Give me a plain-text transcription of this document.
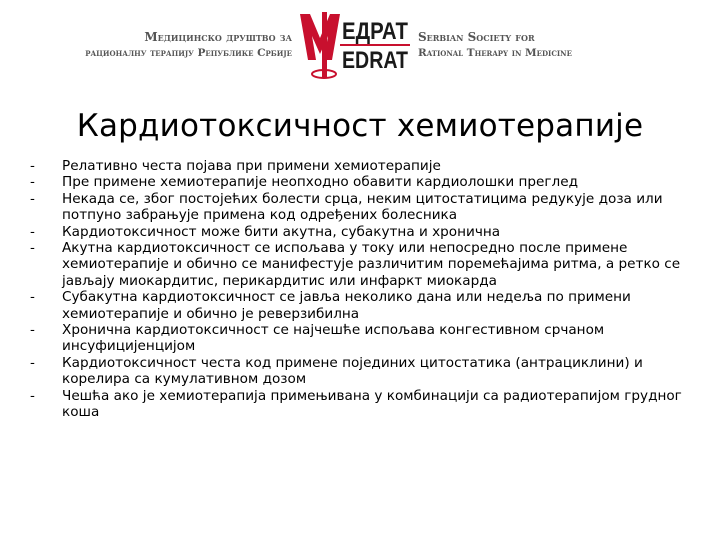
Медицинско друштво за
рационалну терапију Републике Србије
ЕДРАТ
EDRAT
Serbian Society for
Rational Therapy in Medicine
Кардиотоксичност хемиотерапије
- Релативно честа појава при примени хемиотерапије
- Пре примене хемиотерапије неопходно обавити кардиолошки преглед
- Некада се, због постојећих болести срца, неким цитостатицима редукује доза или потпуно забрањује примена код одређених болесника
- Кардиотоксичност може бити акутна, субакутна и хронична
- Акутна кардиотоксичност се испољава у току или непосредно после примене хемиотерапије и обично се манифестује различитим поремећајима ритма, а ретко се јављају миокардитис, перикардитис или инфаркт миокарда
- Субакутна кардиотоксичност се јавља неколико дана или недеља по примени хемиотерапије и обично је реверзибилна
- Хронична кардиотоксичност се најчешће испољава конгестивном срчаном инсуфицијенцијом
- Кардиотоксичност честа код примене појединих цитостатика (антрациклини) и корелира са кумулативном дозом
- Чешћа ако је хемиотерапија примењивана у комбинацији са радиотерапијом грудног коша
